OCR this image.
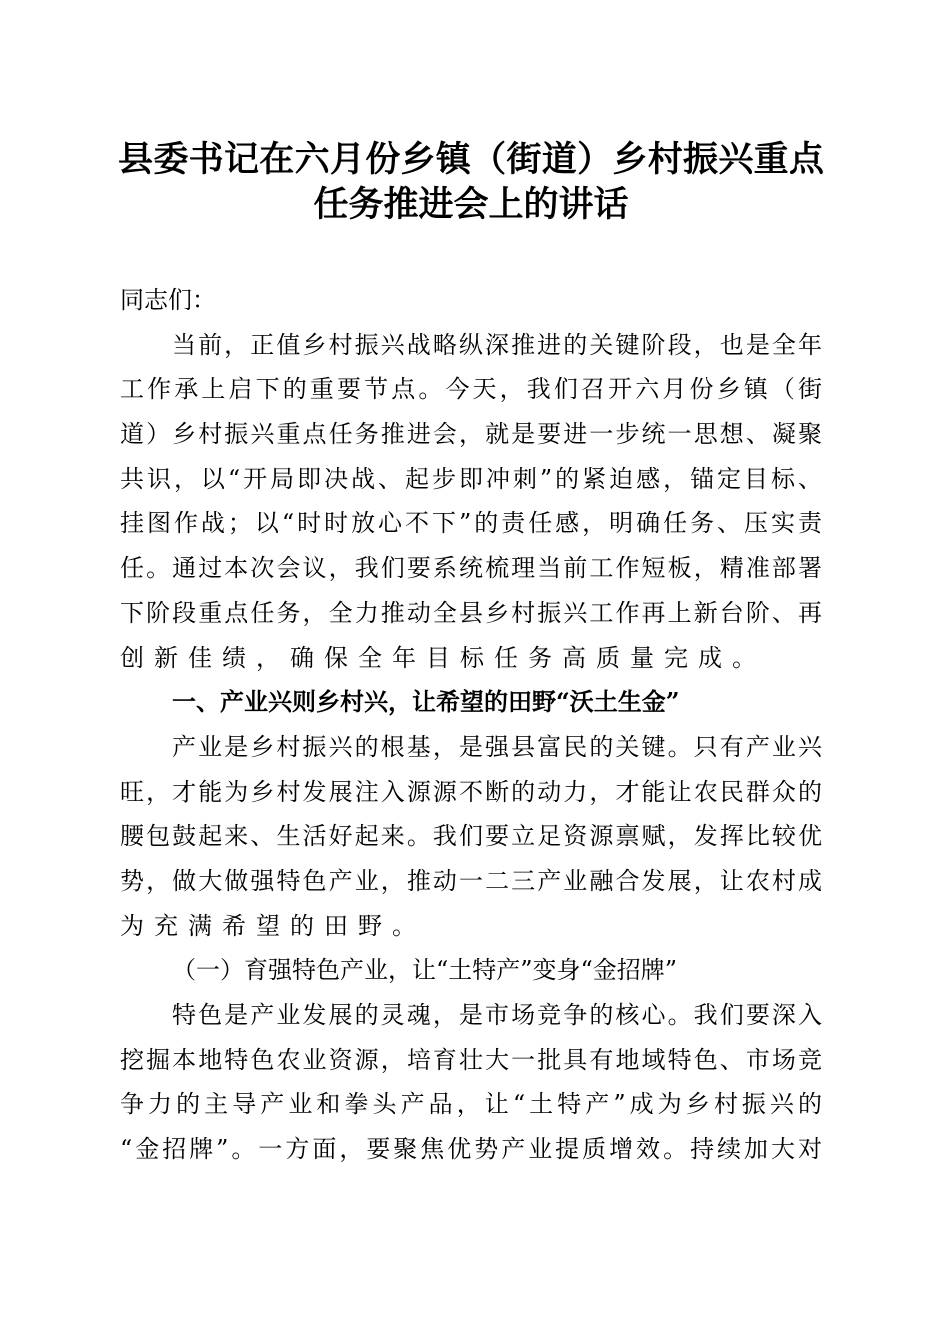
县委书记在六月份乡镇（街道）乡村振兴重点
任务推进会上的讲话
同志们：
当前，正值乡村振兴战略纵深推进的关键阶段，也是全年
工作承上启下的重要节点。今天，我们召开六月份乡镇（街
道）乡村振兴重点任务推进会，就是要进一步统一思想、凝聚
共识，以“开局即决战、起步即冲刺”的紧迫感，锚定目标、
挂图作战；以“时时放心不下”的责任感，明确任务、压实责
任。通过本次会议，我们要系统梳理当前工作短板，精准部署
下阶段重点任务，全力推动全县乡村振兴工作再上新台阶、再
创新佳绩，确保全年目标任务高质量完成。
一、产业兴则乡村兴，让希望的田野“沃土生金”
产业是乡村振兴的根基，是强县富民的关键。只有产业兴
旺，才能为乡村发展注入源源不断的动力，才能让农民群众的
腰包鼓起来、生活好起来。我们要立足资源禀赋，发挥比较优
势，做大做强特色产业，推动一二三产业融合发展，让农村成
为充满希望的田野。
（一）育强特色产业，让“土特产”变身“金招牌”
特色是产业发展的灵魂，是市场竞争的核心。我们要深入
挖掘本地特色农业资源，培育壮大一批具有地域特色、市场竞
争力的主导产业和拳头产品，让“土特产”成为乡村振兴的
“金招牌”。一方面，要聚焦优势产业提质增效。持续加大对
